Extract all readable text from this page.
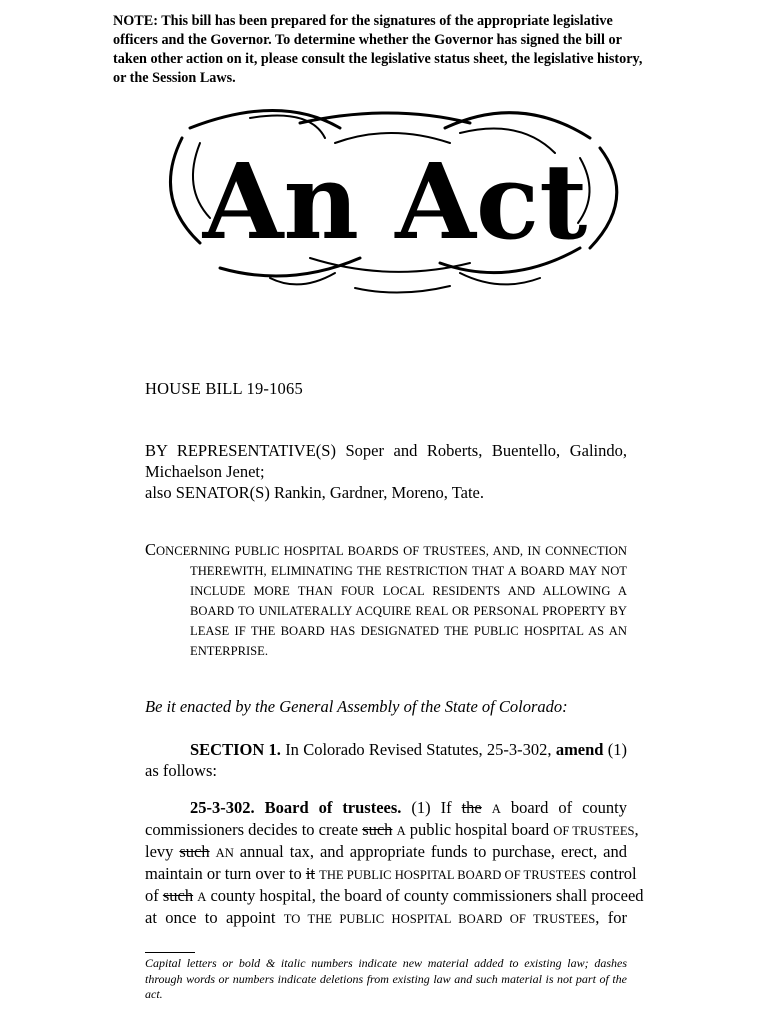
NOTE: This bill has been prepared for the signatures of the appropriate legislative officers and the Governor. To determine whether the Governor has signed the bill or taken other action on it, please consult the legislative status sheet, the legislative history, or the Session Laws.

An Act

HOUSE BILL 19-1065

BY REPRESENTATIVE(S) Soper and Roberts, Buentello, Galindo,
Michaelson Jenet;
also SENATOR(S) Rankin, Gardner, Moreno, Tate.

CONCERNING PUBLIC HOSPITAL BOARDS OF TRUSTEES, AND, IN CONNECTION
THEREWITH, ELIMINATING THE RESTRICTION THAT A BOARD MAY NOT
INCLUDE MORE THAN FOUR LOCAL RESIDENTS AND ALLOWING A
BOARD TO UNILATERALLY ACQUIRE REAL OR PERSONAL PROPERTY BY
LEASE IF THE BOARD HAS DESIGNATED THE PUBLIC HOSPITAL AS AN
ENTERPRISE.

Be it enacted by the General Assembly of the State of Colorado:

SECTION 1. In Colorado Revised Statutes, 25-3-302, amend (1)
as follows:

25-3-302. Board of trustees. (1) If the A board of county
commissioners decides to create such A public hospital board OF TRUSTEES,
levy such AN annual tax, and appropriate funds to purchase, erect, and
maintain or turn over to it THE PUBLIC HOSPITAL BOARD OF TRUSTEES control
of such A county hospital, the board of county commissioners shall proceed
at once to appoint TO THE PUBLIC HOSPITAL BOARD OF TRUSTEES, for

Capital letters or bold & italic numbers indicate new material added to existing law; dashes through words or numbers indicate deletions from existing law and such material is not part of the act.
